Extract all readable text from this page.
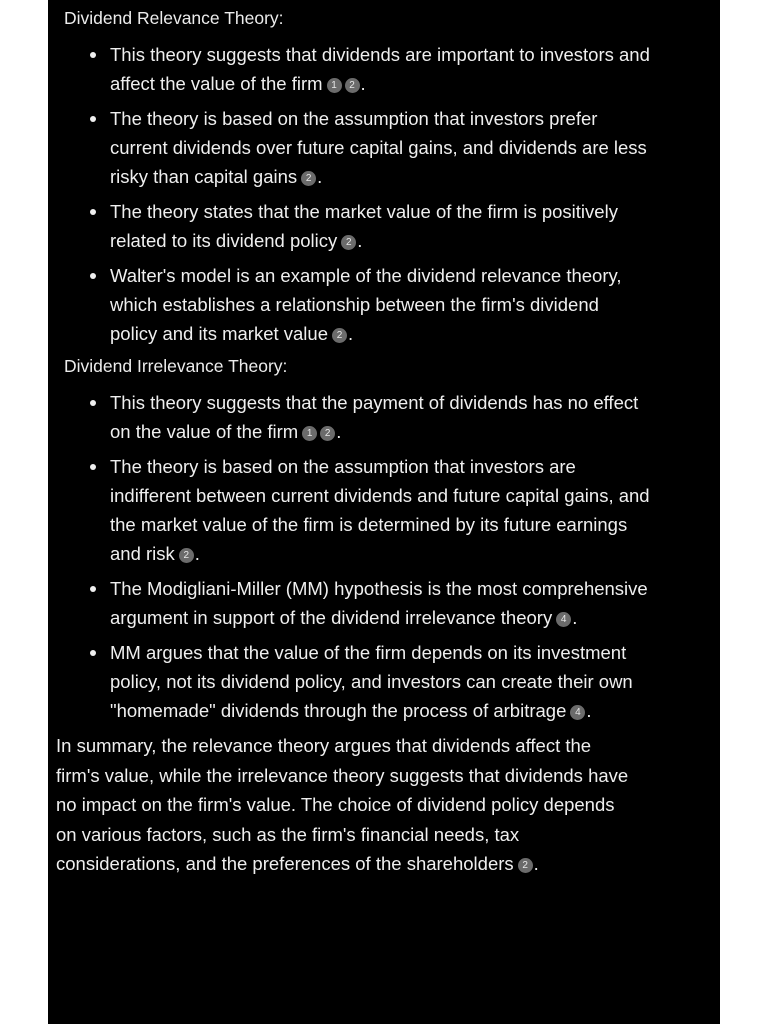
Dividend Relevance Theory:
This theory suggests that dividends are important to investors and affect the value of the firm 1 2 .
The theory is based on the assumption that investors prefer current dividends over future capital gains, and dividends are less risky than capital gains 2 .
The theory states that the market value of the firm is positively related to its dividend policy 2 .
Walter's model is an example of the dividend relevance theory, which establishes a relationship between the firm's dividend policy and its market value 2 .
Dividend Irrelevance Theory:
This theory suggests that the payment of dividends has no effect on the value of the firm 1 2 .
The theory is based on the assumption that investors are indifferent between current dividends and future capital gains, and the market value of the firm is determined by its future earnings and risk 2 .
The Modigliani-Miller (MM) hypothesis is the most comprehensive argument in support of the dividend irrelevance theory 4 .
MM argues that the value of the firm depends on its investment policy, not its dividend policy, and investors can create their own "homemade" dividends through the process of arbitrage 4 .

In summary, the relevance theory argues that dividends affect the firm's value, while the irrelevance theory suggests that dividends have no impact on the firm's value. The choice of dividend policy depends on various factors, such as the firm's financial needs, tax considerations, and the preferences of the shareholders 2 .
